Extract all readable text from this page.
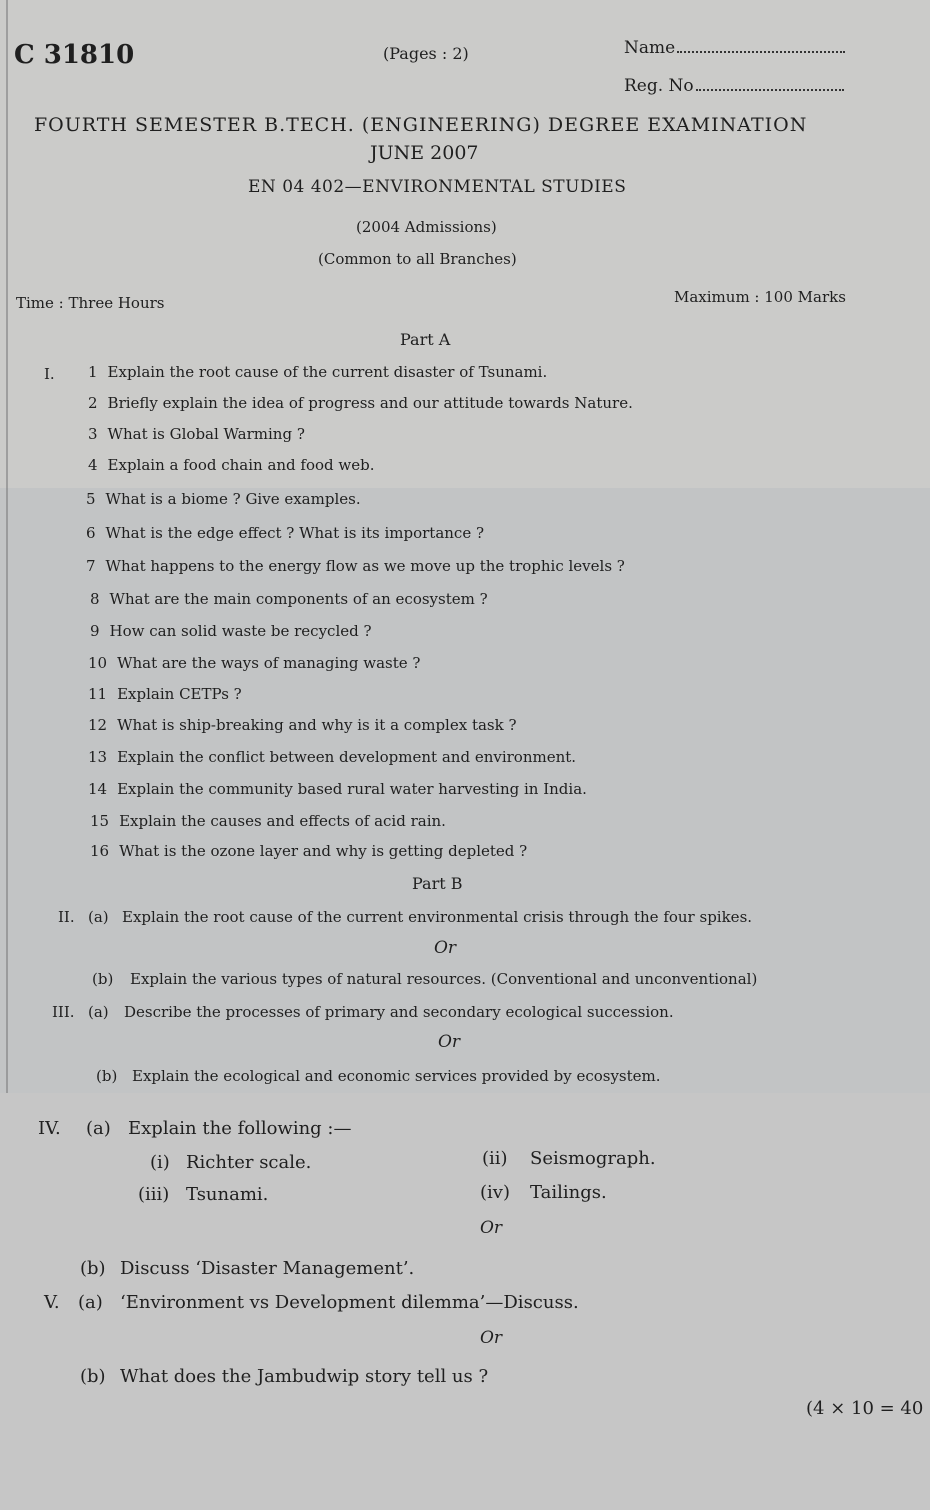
C 31810	(Pages : 2)	Name
Reg. No
FOURTH SEMESTER B.TECH. (ENGINEERING) DEGREE EXAMINATION
JUNE 2007
EN 04 402—ENVIRONMENTAL STUDIES
(2004 Admissions)
(Common to all Branches)
Time : Three Hours	Maximum : 100 Marks
Part A
I. 1 Explain the root cause of the current disaster of Tsunami.
2 Briefly explain the idea of progress and our attitude towards Nature.
3 What is Global Warming ?
4 Explain a food chain and food web.
5 What is a biome ? Give examples.
6 What is the edge effect ? What is its importance ?
7 What happens to the energy flow as we move up the trophic levels ?
8 What are the main components of an ecosystem ?
9 How can solid waste be recycled ?
10 What are the ways of managing waste ?
11 Explain CETPs ?
12 What is ship-breaking and why is it a complex task ?
13 Explain the conflict between development and environment.
14 Explain the community based rural water harvesting in India.
15 Explain the causes and effects of acid rain.
16 What is the ozone layer and why is getting depleted ?
Part B
II. (a) Explain the root cause of the current environmental crisis through the four spikes.
Or
(b) Explain the various types of natural resources. (Conventional and unconventional)
III. (a) Describe the processes of primary and secondary ecological succession.
Or
(b) Explain the ecological and economic services provided by ecosystem.
IV. (a) Explain the following :—
(i) Richter scale.	(ii) Seismograph.
(iii) Tsunami.	(iv) Tailings.
Or
(b) Discuss ‘Disaster Management’.
V. (a) ‘Environment vs Development dilemma’—Discuss.
Or
(b) What does the Jambudwip story tell us ?
(4 × 10 = 40
